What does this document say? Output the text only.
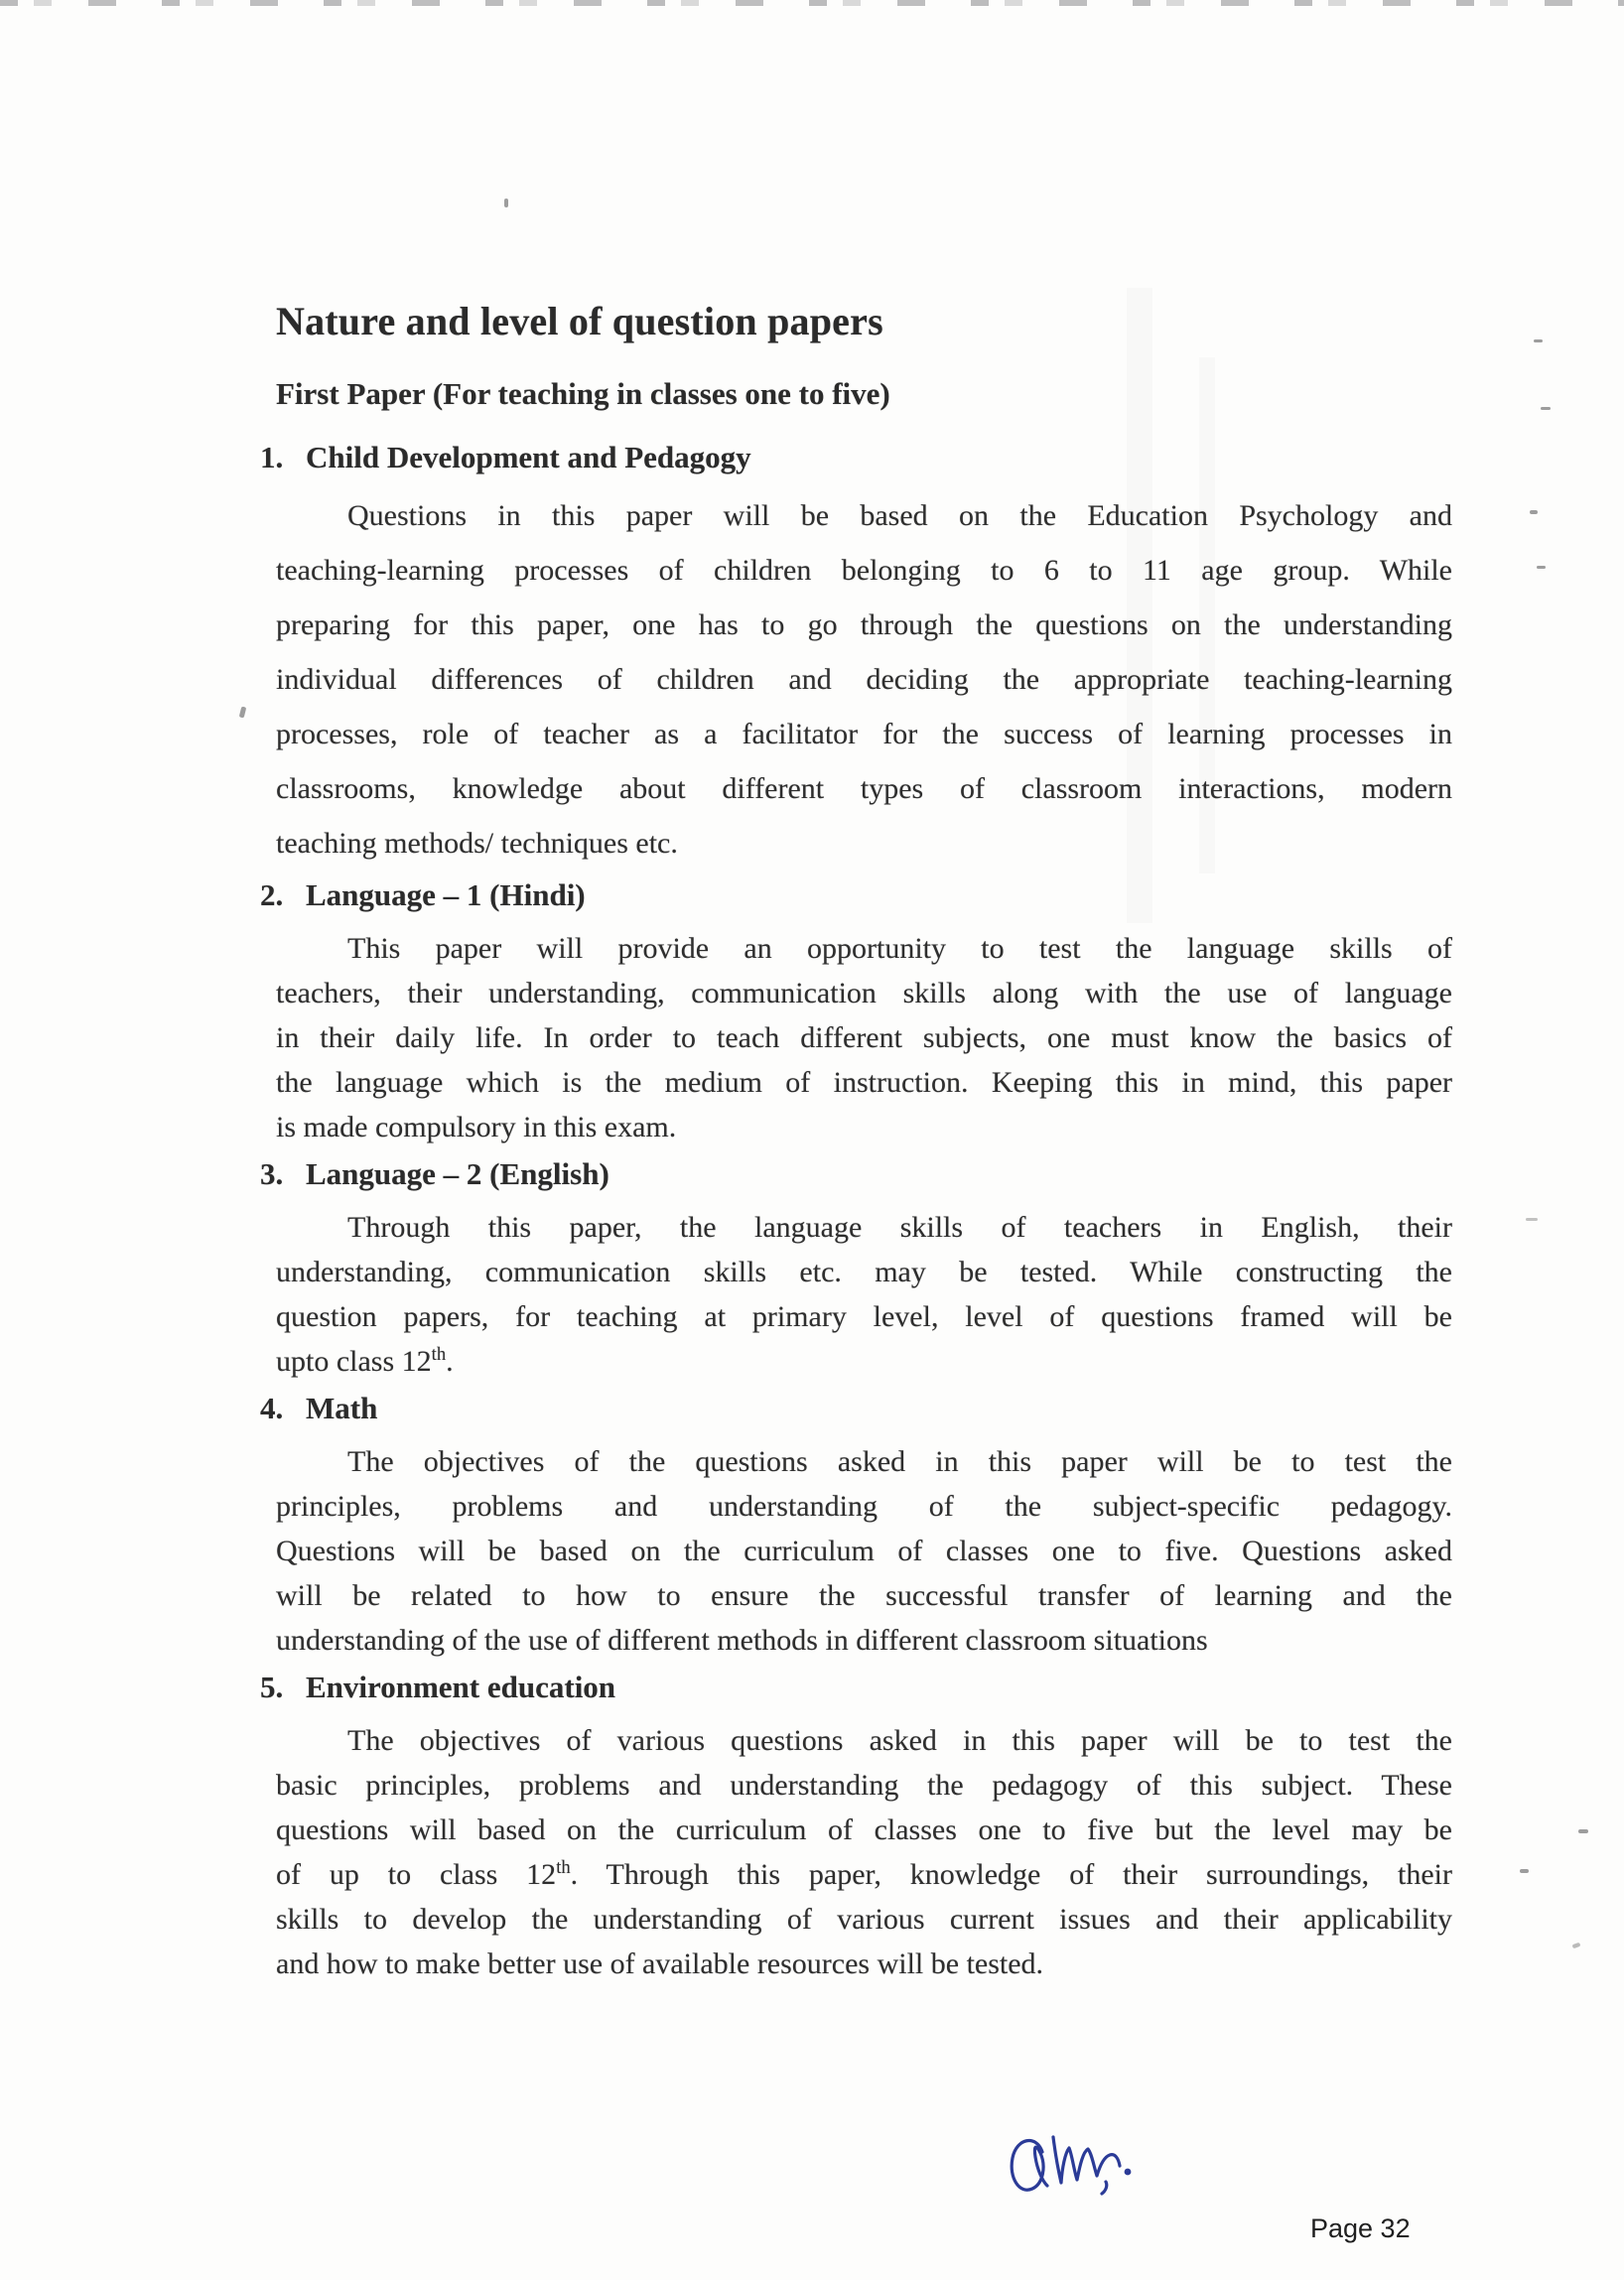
Nature and level of question papers
First Paper (For teaching in classes one to five)
1. Child Development and Pedagogy
Questions in this paper will be based on the Education Psychology and
teaching-learning processes of children belonging to 6 to 11 age group. While
preparing for this paper, one has to go through the questions on the understanding
individual differences of children and deciding the appropriate teaching-learning
processes, role of teacher as a facilitator for the success of learning processes in
classrooms, knowledge about different types of classroom interactions, modern
teaching methods/ techniques etc.
2. Language – 1 (Hindi)
This paper will provide an opportunity to test the language skills of
teachers, their understanding, communication skills along with the use of language
in their daily life. In order to teach different subjects, one must know the basics of
the language which is the medium of instruction. Keeping this in mind, this paper
is made compulsory in this exam.
3. Language – 2 (English)
Through this paper, the language skills of teachers in English, their
understanding, communication skills etc. may be tested. While constructing the
question papers, for teaching at primary level, level of questions framed will be
upto class 12th.
4. Math
The objectives of the questions asked in this paper will be to test the
principles, problems and understanding of the subject-specific pedagogy.
Questions will be based on the curriculum of classes one to five. Questions asked
will be related to how to ensure the successful transfer of learning and the
understanding of the use of different methods in different classroom situations
5. Environment education
The objectives of various questions asked in this paper will be to test the
basic principles, problems and understanding the pedagogy of this subject. These
questions will based on the curriculum of classes one to five but the level may be
of up to class 12th. Through this paper, knowledge of their surroundings, their
skills to develop the understanding of various current issues and their applicability
and how to make better use of available resources will be tested.
Page 32
